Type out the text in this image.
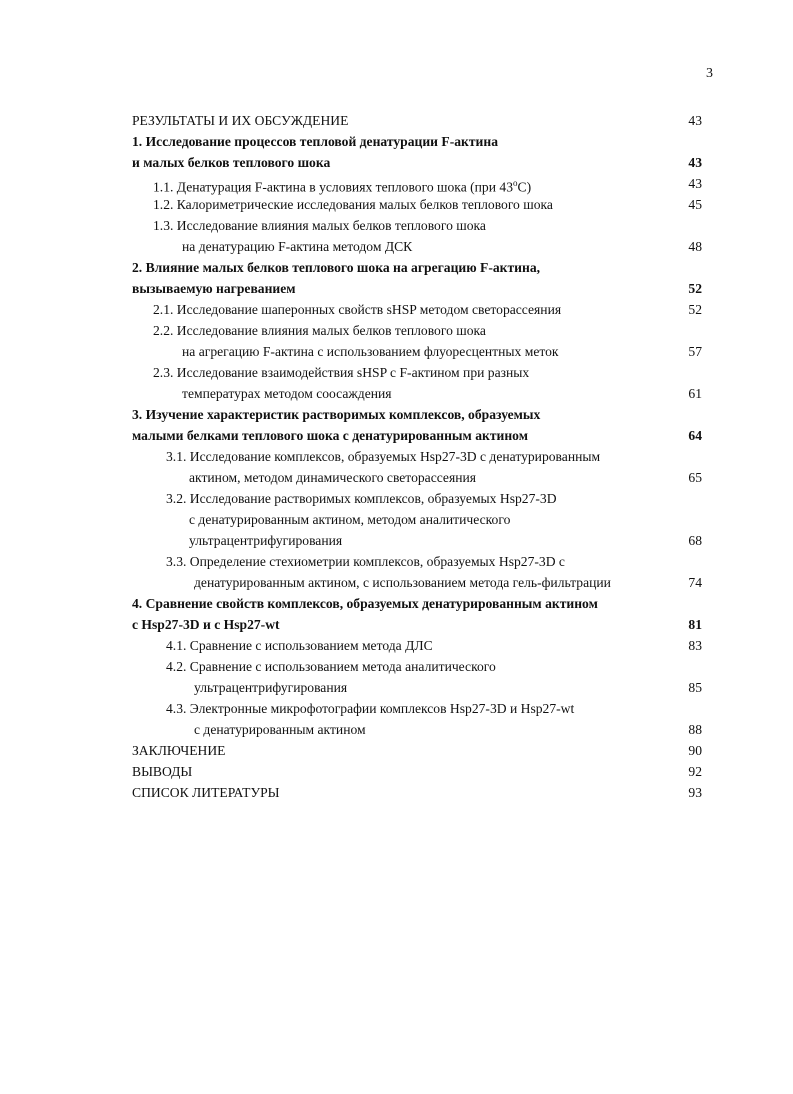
3
РЕЗУЛЬТАТЫ И ИХ ОБСУЖДЕНИЕ	43
1. Исследование процессов тепловой денатурации F-актина
и малых белков теплового шока	43
1.1. Денатурация F-актина в условиях теплового шока (при 43$^o$С)	43
1.2. Калориметрические исследования малых белков теплового шока	45
1.3. Исследование влияния малых белков теплового шока
на денатурацию F-актина методом ДСК	48
2. Влияние малых белков теплового шока на агрегацию F-актина,
вызываемую нагреванием	52
2.1. Исследование шаперонных свойств sHSP методом светорассеяния	52
2.2. Исследование влияния малых белков теплового шока
на агрегацию F-актина с использованием флуоресцентных меток	57
2.3. Исследование взаимодействия sHSP с F-актином при разных
температурах методом соосаждения	61
3. Изучение характеристик растворимых комплексов, образуемых
малыми белками теплового шока с денатурированным актином	64
3.1. Исследование комплексов, образуемых Hsp27-3D с денатурированным
актином, методом динамического светорассеяния	65
3.2. Исследование растворимых комплексов, образуемых Hsp27-3D
с денатурированным актином, методом аналитического
ультрацентрифугирования	68
3.3. Определение стехиометрии комплексов, образуемых Hsp27-3D с
денатурированным актином, с использованием метода гель-фильтрации	74
4. Сравнение свойств комплексов, образуемых денатурированным актином
с Hsp27-3D и с Hsp27-wt	81
4.1. Сравнение с использованием метода ДЛС	83
4.2. Сравнение с использованием метода аналитического
ультрацентрифугирования	85
4.3. Электронные микрофотографии комплексов Hsp27-3D и Hsp27-wt
с денатурированным актином	88
ЗАКЛЮЧЕНИЕ	90
ВЫВОДЫ	92
СПИСОК ЛИТЕРАТУРЫ	93
